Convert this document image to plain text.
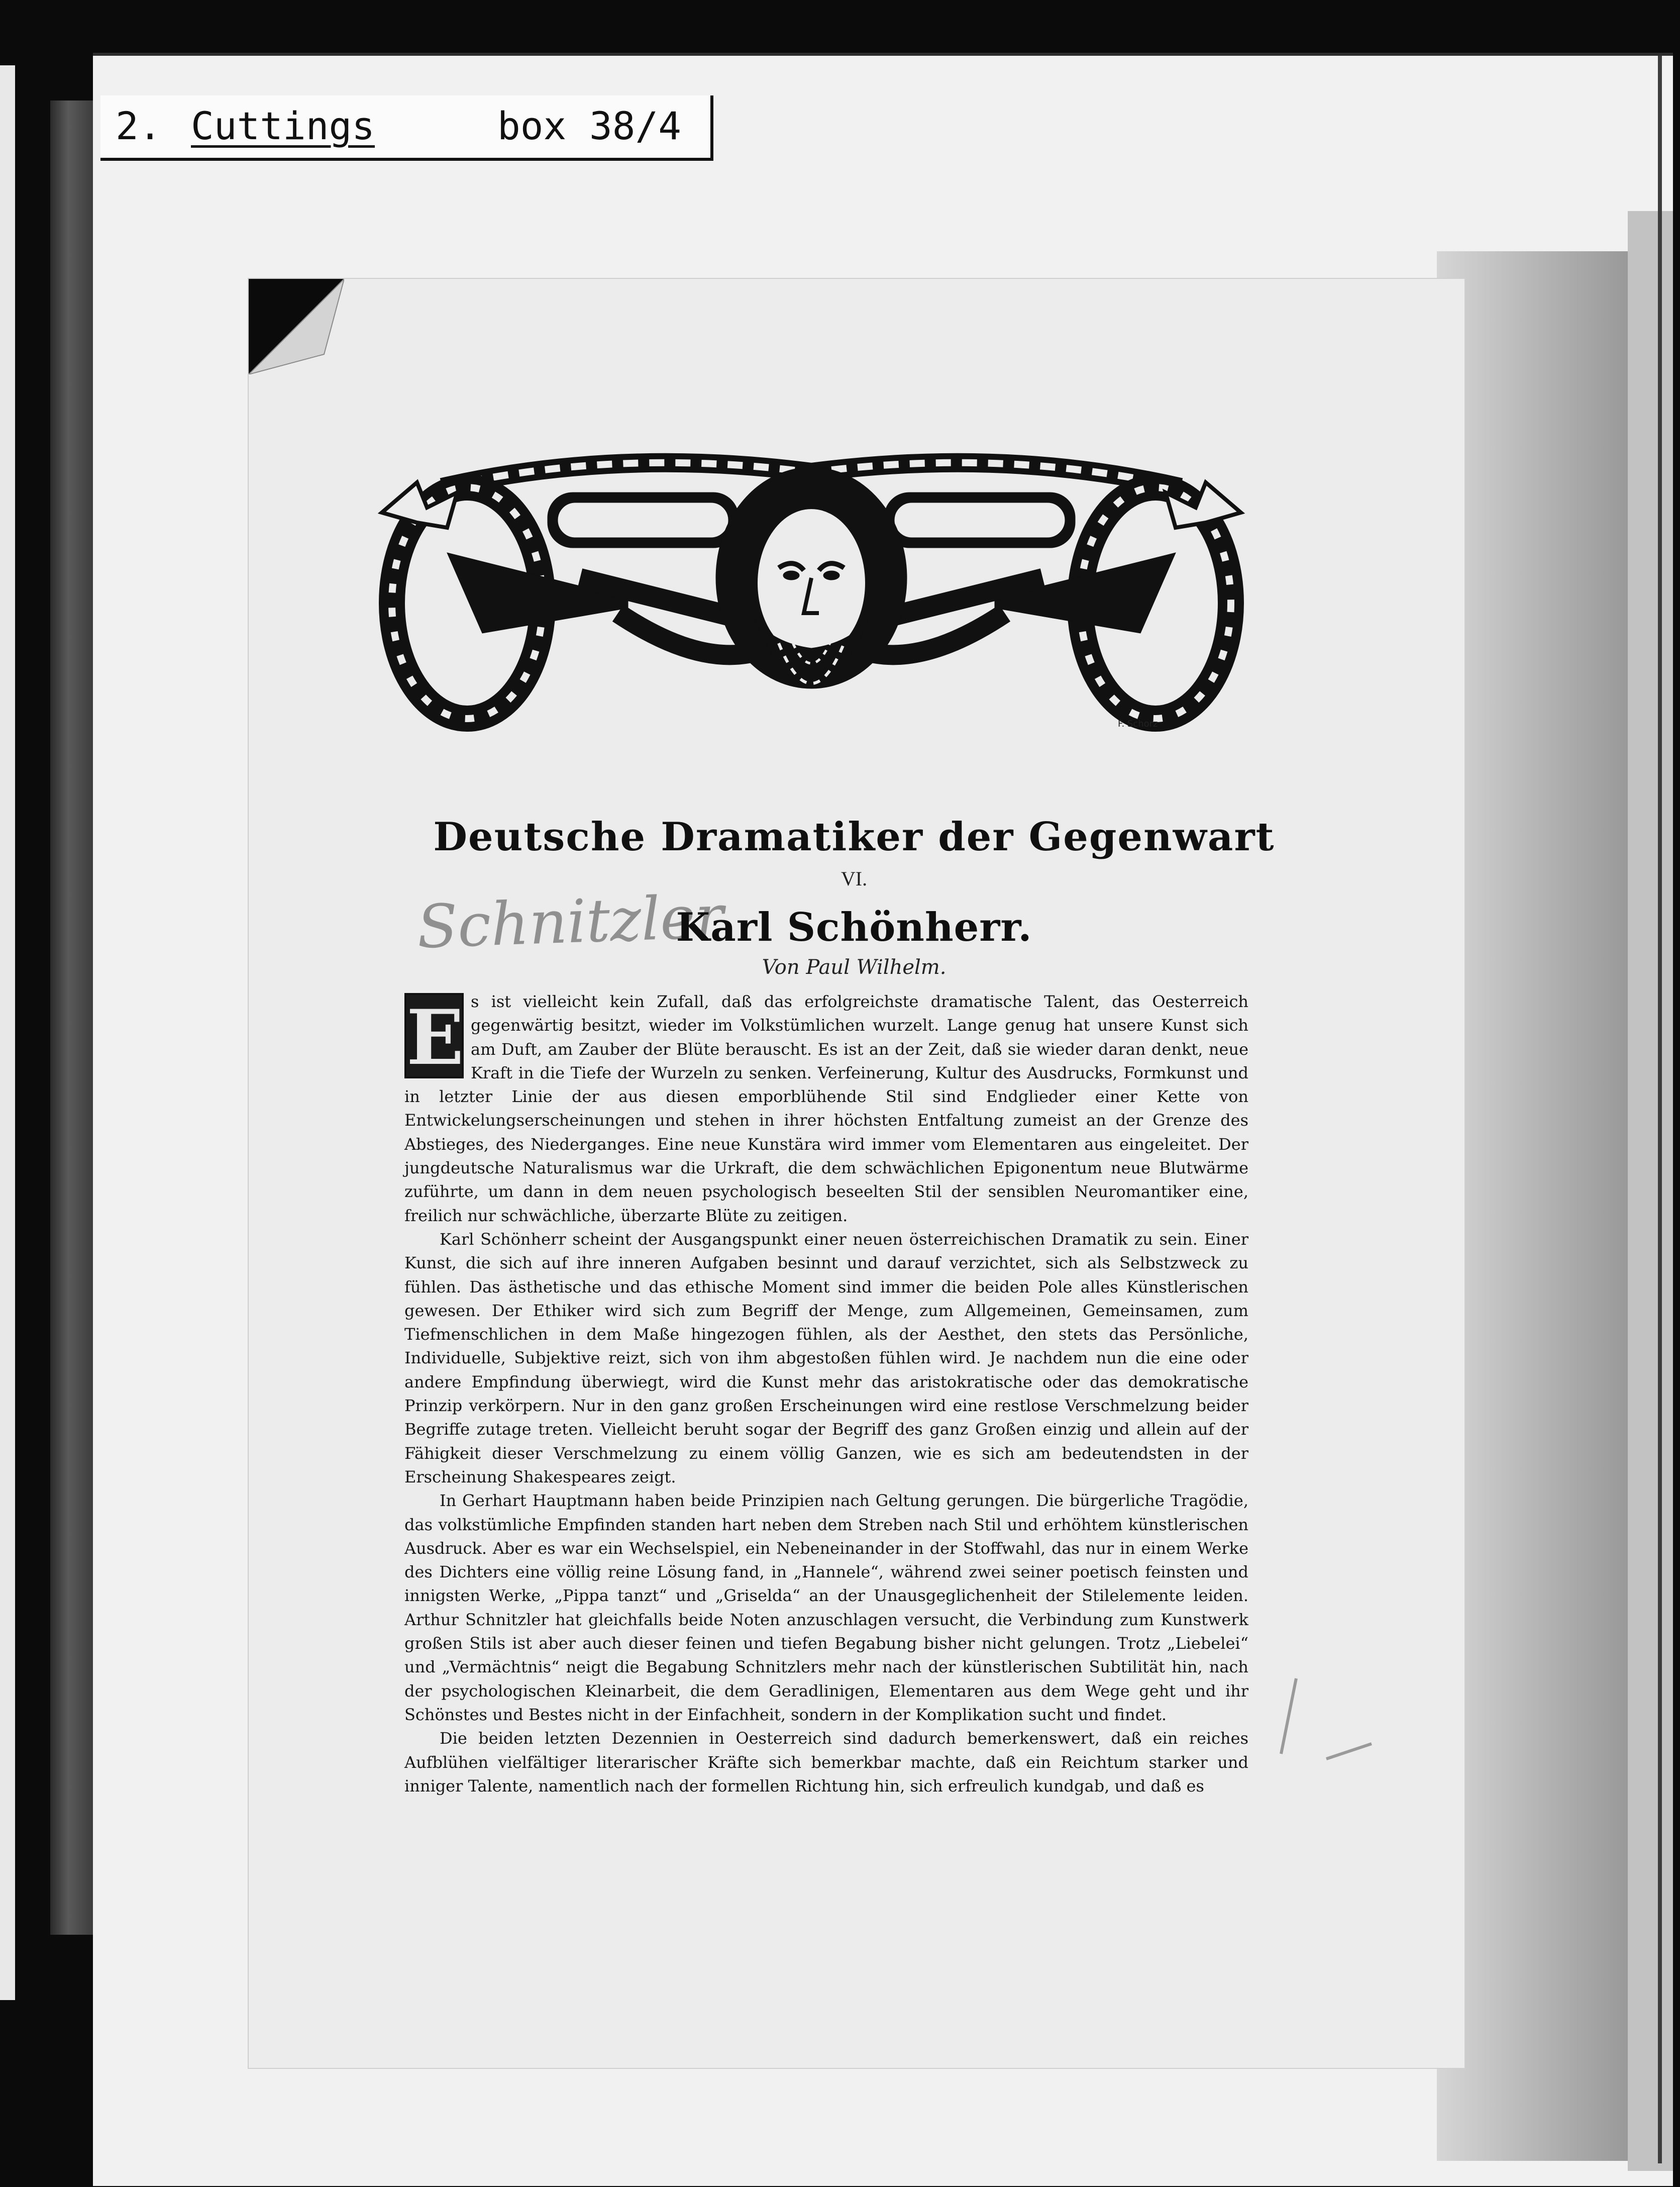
2. Cuttings	box 38/4
F. Schorz
Deutsche Dramatiker der Gegenwart
VI.
Schnitzler
Karl Schönherr.
Von Paul Wilhelm.

E s ist vielleicht kein Zufall, daß das erfolgreichste dramatische Talent, das Oesterreich gegenwärtig besitzt, wieder im Volkstümlichen wurzelt. Lange genug hat unsere Kunst sich am Duft, am Zauber der Blüte berauscht. Es ist an der Zeit, daß sie wieder daran denkt, neue Kraft in die Tiefe der Wurzeln zu senken. Verfeinerung, Kultur des Ausdrucks, Formkunst und in letzter Linie der aus diesen emporblühende Stil sind Endglieder einer Kette von Entwickelungserscheinungen und stehen in ihrer höchsten Entfaltung zumeist an der Grenze des Abstieges, des Niederganges. Eine neue Kunstära wird immer vom Elementaren aus eingeleitet. Der jungdeutsche Naturalismus war die Urkraft, die dem schwächlichen Epigonentum neue Blutwärme zuführte, um dann in dem neuen psychologisch beseelten Stil der sensiblen Neuromantiker eine, freilich nur schwächliche, überzarte Blüte zu zeitigen.

Karl Schönherr scheint der Ausgangspunkt einer neuen österreichischen Dramatik zu sein. Einer Kunst, die sich auf ihre inneren Aufgaben besinnt und darauf verzichtet, sich als Selbstzweck zu fühlen. Das ästhetische und das ethische Moment sind immer die beiden Pole alles Künstlerischen gewesen. Der Ethiker wird sich zum Begriff der Menge, zum Allgemeinen, Gemeinsamen, zum Tiefmenschlichen in dem Maße hingezogen fühlen, als der Aesthet, den stets das Persönliche, Individuelle, Subjektive reizt, sich von ihm abgestoßen fühlen wird. Je nachdem nun die eine oder andere Empfindung überwiegt, wird die Kunst mehr das aristokratische oder das demokratische Prinzip verkörpern. Nur in den ganz großen Erscheinungen wird eine restlose Verschmelzung beider Begriffe zutage treten. Vielleicht beruht sogar der Begriff des ganz Großen einzig und allein auf der Fähigkeit dieser Verschmelzung zu einem völlig Ganzen, wie es sich am bedeutendsten in der Erscheinung Shakespeares zeigt.

In Gerhart Hauptmann haben beide Prinzipien nach Geltung gerungen. Die bürgerliche Tragödie, das volkstümliche Empfinden standen hart neben dem Streben nach Stil und erhöhtem künstlerischen Ausdruck. Aber es war ein Wechselspiel, ein Nebeneinander in der Stoffwahl, das nur in einem Werke des Dichters eine völlig reine Lösung fand, in „Hannele“, während zwei seiner poetisch feinsten und innigsten Werke, „Pippa tanzt“ und „Griselda“ an der Unausgeglichenheit der Stilelemente leiden. Arthur Schnitzler hat gleichfalls beide Noten anzuschlagen versucht, die Verbindung zum Kunstwerk großen Stils ist aber auch dieser feinen und tiefen Begabung bisher nicht gelungen. Trotz „Liebelei“ und „Vermächtnis“ neigt die Begabung Schnitzlers mehr nach der künstlerischen Subtilität hin, nach der psychologischen Kleinarbeit, die dem Geradlinigen, Elementaren aus dem Wege geht und ihr Schönstes und Bestes nicht in der Einfachheit, sondern in der Komplikation sucht und findet.

Die beiden letzten Dezennien in Oesterreich sind dadurch bemerkenswert, daß ein reiches Aufblühen vielfältiger literarischer Kräfte sich bemerkbar machte, daß ein Reichtum starker und inniger Talente, namentlich nach der formellen Richtung hin, sich erfreulich kundgab, und daß es
